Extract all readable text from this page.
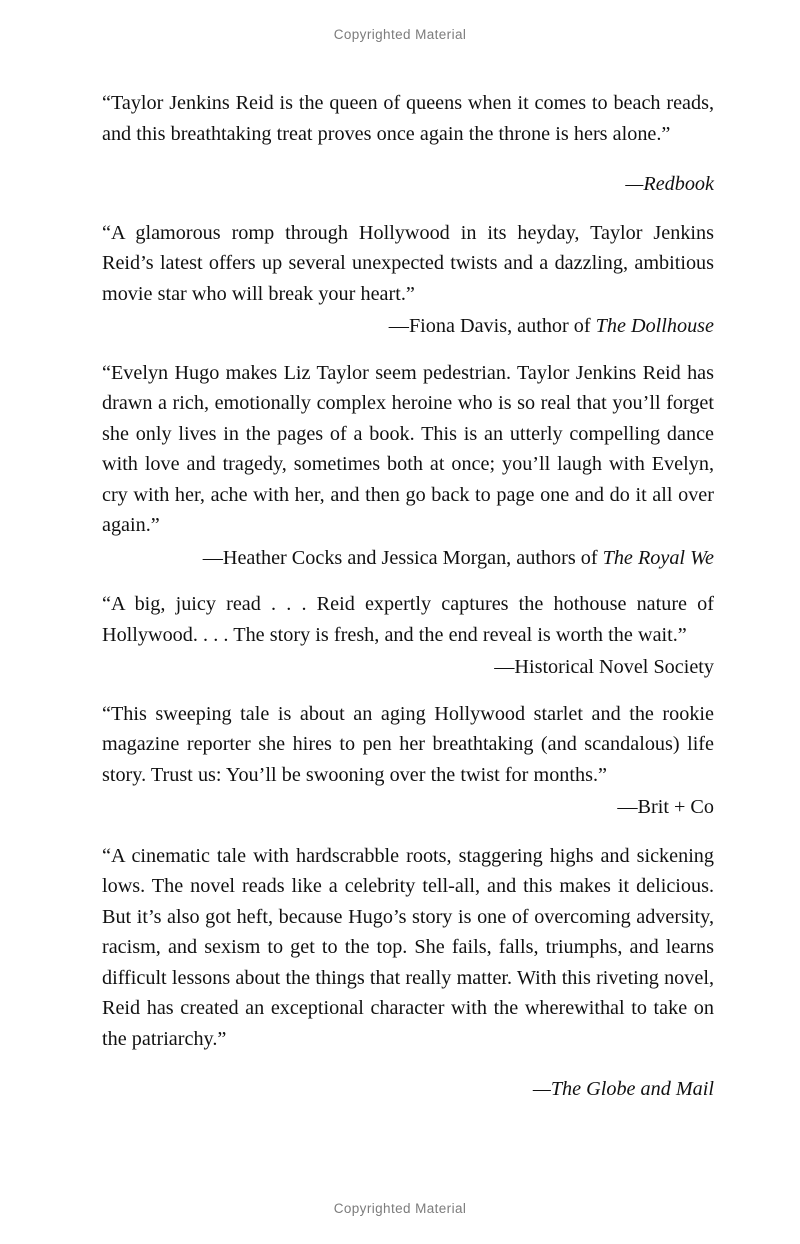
Copyrighted Material

“Taylor Jenkins Reid is the queen of queens when it comes to beach reads, and this breathtaking treat proves once again the throne is hers alone.”

—Redbook

“A glamorous romp through Hollywood in its heyday, Taylor Jenkins Reid’s latest offers up several unexpected twists and a dazzling, ambitious movie star who will break your heart.”

—Fiona Davis, author of The Dollhouse

“Evelyn Hugo makes Liz Taylor seem pedestrian. Taylor Jenkins Reid has drawn a rich, emotionally complex heroine who is so real that you’ll forget she only lives in the pages of a book. This is an utterly compelling dance with love and tragedy, sometimes both at once; you’ll laugh with Evelyn, cry with her, ache with her, and then go back to page one and do it all over again.”

—Heather Cocks and Jessica Morgan, authors of The Royal We

“A big, juicy read . . . Reid expertly captures the hothouse nature of Hollywood. . . . The story is fresh, and the end reveal is worth the wait.”

—Historical Novel Society

“This sweeping tale is about an aging Hollywood starlet and the rookie magazine reporter she hires to pen her breathtaking (and scandalous) life story. Trust us: You’ll be swooning over the twist for months.”

—Brit + Co

“A cinematic tale with hardscrabble roots, staggering highs and sickening lows. The novel reads like a celebrity tell-all, and this makes it delicious. But it’s also got heft, because Hugo’s story is one of overcoming adversity, racism, and sexism to get to the top. She fails, falls, triumphs, and learns difficult lessons about the things that really matter. With this riveting novel, Reid has created an exceptional character with the wherewithal to take on the patriarchy.”

—The Globe and Mail

Copyrighted Material
